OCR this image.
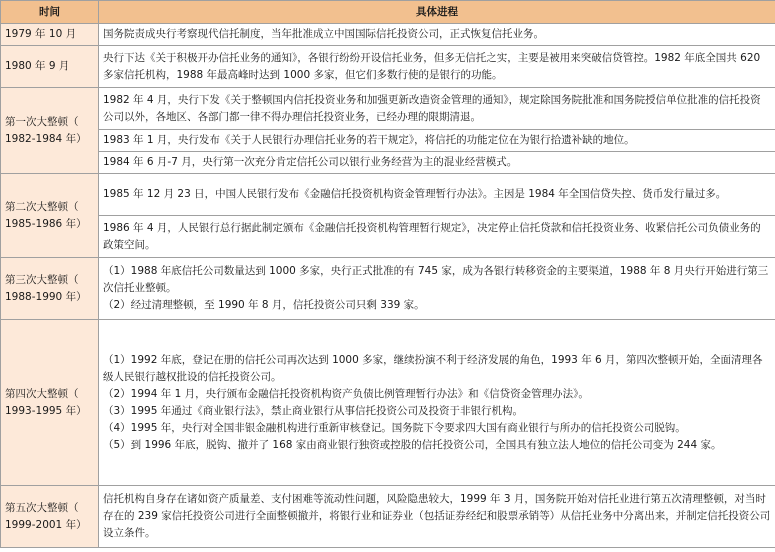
时间	具体进程
1979 年 10 月	国务院责成央行考察现代信托制度，当年批准成立中国国际信托投资公司，正式恢复信托业务。
1980 年 9 月	央行下达《关于积极开办信托业务的通知》，各银行纷纷开设信托业务，但多无信托之实，主要是被用来突破信贷管控。1982 年底全国共 620 多家信托机构，1988 年最高峰时达到 1000 多家，但它们多数行使的是银行的功能。
第一次大整顿（　1982-1984 年）	1982 年 4 月，央行下发《关于整顿国内信托投资业务和加强更新改造资金管理的通知》，规定除国务院批准和国务院授信单位批准的信托投资公司以外，各地区、各部门都一律不得办理信托投资业务，已经办理的限期清退。
	1983 年 1 月，央行发布《关于人民银行办理信托业务的若干规定》，将信托的功能定位在为银行拾遗补缺的地位。
	1984 年 6 月-7 月，央行第一次充分肯定信托公司以银行业务经营为主的混业经营模式。
第二次大整顿（　1985-1986 年）	1985 年 12 月 23 日，中国人民银行发布《金融信托投资机构资金管理暂行办法》。主因是 1984 年全国信贷失控、货币发行量过多。
	1986 年 4 月，人民银行总行据此制定颁布《金融信托投资机构管理暂行规定》，决定停止信托贷款和信托投资业务、收紧信托公司负债业务的政策空间。
第三次大整顿（　1988-1990 年）	（1）1988 年底信托公司数量达到 1000 多家，央行正式批准的有 745 家，成为各银行转移资金的主要渠道，1988 年 8 月央行开始进行第三次信托业整顿。

（2）经过清理整顿，至 1990 年 8 月，信托投资公司只剩 339 家。

第四次大整顿（　1993-1995 年）	（1）1992 年底，登记在册的信托公司再次达到 1000 多家，继续扮演不利于经济发展的角色，1993 年 6 月，第四次整顿开始，全面清理各级人民银行越权批设的信托投资公司。

（2）1994 年 1 月，央行颁布金融信托投资机构资产负债比例管理暂行办法》和《信贷资金管理办法》。

（3）1995 年通过《商业银行法》，禁止商业银行从事信托投资公司及投资于非银行机构。

（4）1995 年，央行对全国非银金融机构进行重新审核登记。国务院下令要求四大国有商业银行与所办的信托投资公司脱钩。

（5）到 1996 年底，脱钩、撤并了 168 家由商业银行独资或控股的信托投资公司，全国具有独立法人地位的信托公司变为 244 家。

第五次大整顿（　1999-2001 年）	信托机构自身存在诸如资产质量差、支付困难等流动性问题，风险隐患较大，1999 年 3 月，国务院开始对信托业进行第五次清理整顿，对当时存在的 239 家信托投资公司进行全面整顿撤并，将银行业和证券业（包括证券经纪和股票承销等）从信托业务中分离出来，并制定信托投资公司设立条件。
